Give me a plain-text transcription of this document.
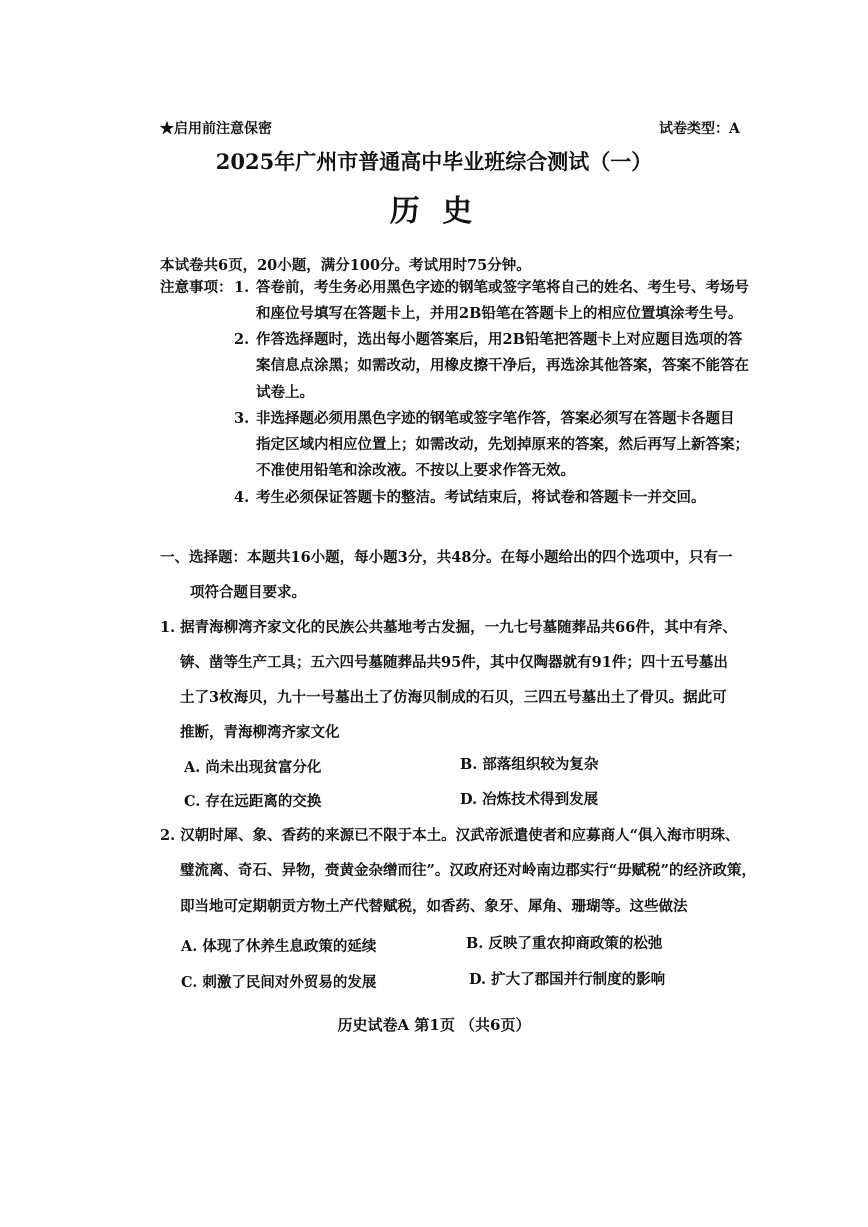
★启用前注意保密	试卷类型：A
2025年广州市普通高中毕业班综合测试（一）
历 史
本试卷共6页，20小题，满分100分。考试用时75分钟。
注意事项： 1. 答卷前，考生务必用黑色字迹的钢笔或签字笔将自己的姓名、考生号、考场号
和座位号填写在答题卡上，并用2B铅笔在答题卡上的相应位置填涂考生号。
2. 作答选择题时，选出每小题答案后，用2B铅笔把答题卡上对应题目选项的答
案信息点涂黑；如需改动，用橡皮擦干净后，再选涂其他答案，答案不能答在
试卷上。
3. 非选择题必须用黑色字迹的钢笔或签字笔作答，答案必须写在答题卡各题目
指定区域内相应位置上；如需改动，先划掉原来的答案，然后再写上新答案；
不准使用铅笔和涂改液。不按以上要求作答无效。
4. 考生必须保证答题卡的整洁。考试结束后，将试卷和答题卡一并交回。
一、选择题：本题共16小题，每小题3分，共48分。在每小题给出的四个选项中，只有一
项符合题目要求。
1. 据青海柳湾齐家文化的民族公共墓地考古发掘，一九七号墓随葬品共66件，其中有斧、
锛、凿等生产工具；五六四号墓随葬品共95件，其中仅陶器就有91件；四十五号墓出
土了3枚海贝，九十一号墓出土了仿海贝制成的石贝，三四五号墓出土了骨贝。据此可
推断，青海柳湾齐家文化
A. 尚未出现贫富分化	B. 部落组织较为复杂
C. 存在远距离的交换	D. 冶炼技术得到发展
2. 汉朝时犀、象、香药的来源已不限于本土。汉武帝派遣使者和应募商人“俱入海市明珠、
璧流离、奇石、异物，赍黄金杂缯而往”。汉政府还对岭南边郡实行“毋赋税”的经济政策，
即当地可定期朝贡方物土产代替赋税，如香药、象牙、犀角、珊瑚等。这些做法
A. 体现了休养生息政策的延续	B. 反映了重农抑商政策的松弛
C. 刺激了民间对外贸易的发展	D. 扩大了郡国并行制度的影响
历史试卷A 第1页 （共6页）
